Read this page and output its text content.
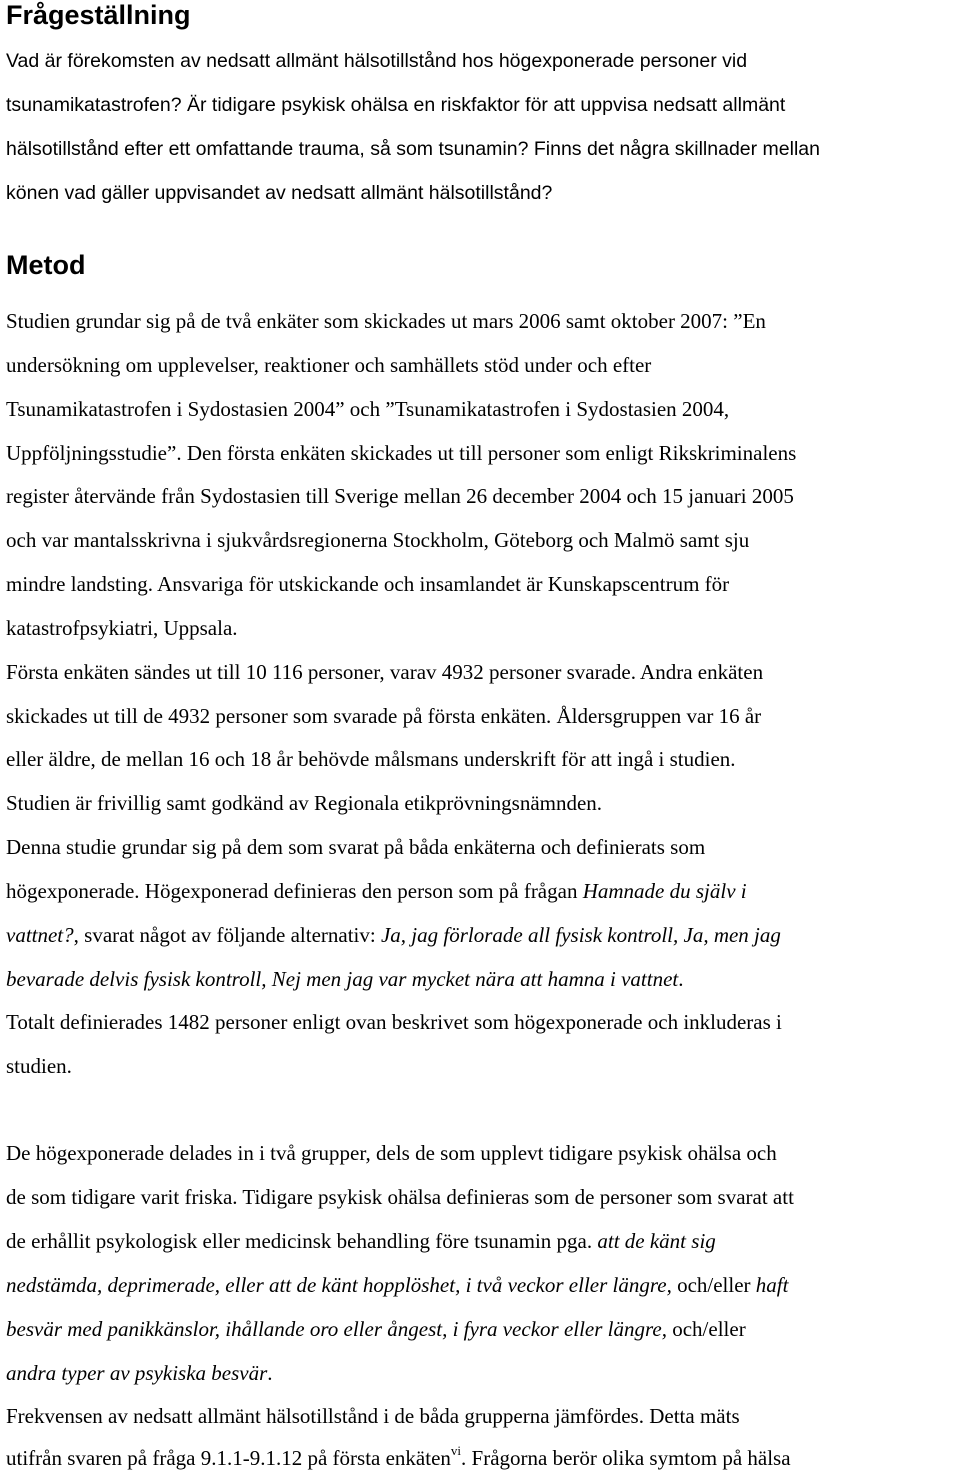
Frågeställning

Vad är förekomsten av nedsatt allmänt hälsotillstånd hos högexponerade personer vid

tsunamikatastrofen? Är tidigare psykisk ohälsa en riskfaktor för att uppvisa nedsatt allmänt

hälsotillstånd efter ett omfattande trauma, så som tsunamin? Finns det några skillnader mellan

könen vad gäller uppvisandet av nedsatt allmänt hälsotillstånd?

Metod

Studien grundar sig på de två enkäter som skickades ut mars 2006 samt oktober 2007: ”En

undersökning om upplevelser, reaktioner och samhällets stöd under och efter

Tsunamikatastrofen i Sydostasien 2004” och ”Tsunamikatastrofen i Sydostasien 2004,

Uppföljningsstudie”. Den första enkäten skickades ut till personer som enligt Rikskriminalens

register återvände från Sydostasien till Sverige mellan 26 december 2004 och 15 januari 2005

och var mantalsskrivna i sjukvårdsregionerna Stockholm, Göteborg och Malmö samt sju

mindre landsting. Ansvariga för utskickande och insamlandet är Kunskapscentrum för

katastrofpsykiatri, Uppsala.

Första enkäten sändes ut till 10 116 personer, varav 4932 personer svarade. Andra enkäten

skickades ut till de 4932 personer som svarade på första enkäten. Åldersgruppen var 16 år

eller äldre, de mellan 16 och 18 år behövde målsmans underskrift för att ingå i studien.

Studien är frivillig samt godkänd av Regionala etikprövningsnämnden.

Denna studie grundar sig på dem som svarat på båda enkäterna och definierats som

högexponerade. Högexponerad definieras den person som på frågan Hamnade du själv i

vattnet?, svarat något av följande alternativ: Ja, jag förlorade all fysisk kontroll, Ja, men jag

bevarade delvis fysisk kontroll, Nej men jag var mycket nära att hamna i vattnet.

Totalt definierades 1482 personer enligt ovan beskrivet som högexponerade och inkluderas i

studien.

De högexponerade delades in i två grupper, dels de som upplevt tidigare psykisk ohälsa och

de som tidigare varit friska. Tidigare psykisk ohälsa definieras som de personer som svarat att

de erhållit psykologisk eller medicinsk behandling före tsunamin pga. att de känt sig

nedstämda, deprimerade, eller att de känt hopplöshet, i två veckor eller längre, och/eller haft

besvär med panikkänslor, ihållande oro eller ångest, i fyra veckor eller längre, och/eller

andra typer av psykiska besvär.

Frekvensen av nedsatt allmänt hälsotillstånd i de båda grupperna jämfördes. Detta mäts

utifrån svaren på fråga 9.1.1-9.1.12 på första enkäten$^{vi}$. Frågorna berör olika symtom på hälsa
